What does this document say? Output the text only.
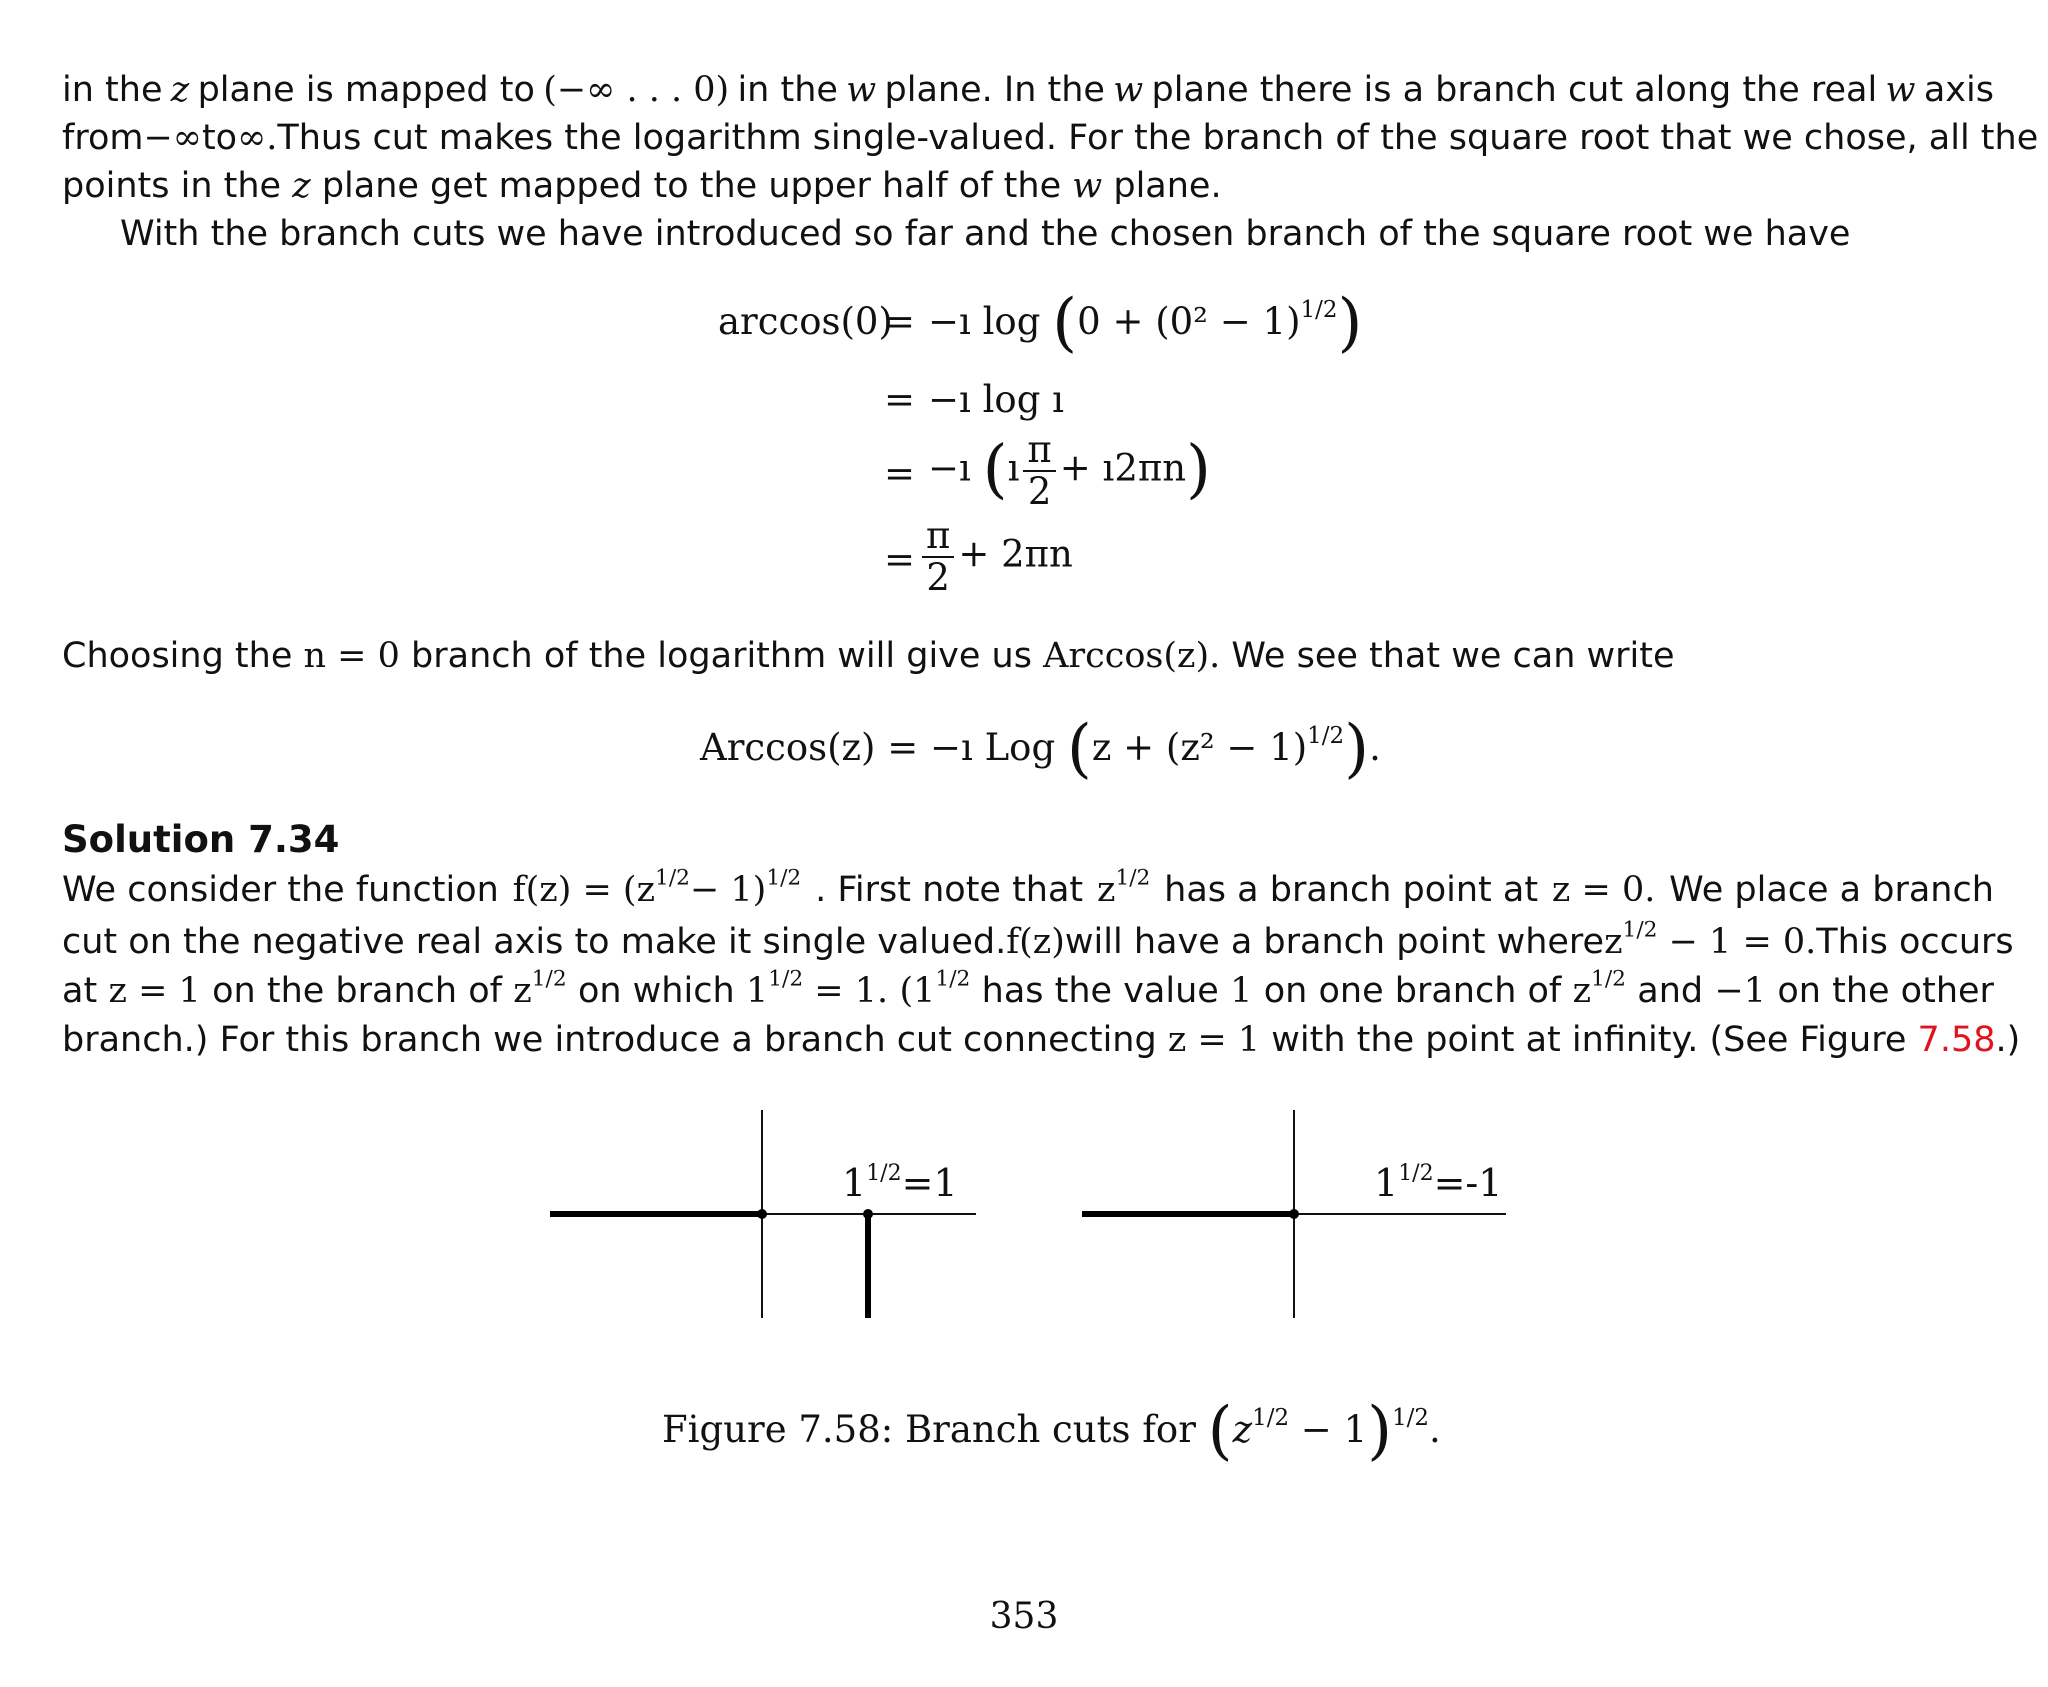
in the z plane is mapped to (−∞ . . . 0) in the w plane. In the w plane there is a branch cut along the real w axis
from −∞ to ∞. Thus cut makes the logarithm single-valued. For the branch of the square root that we chose, all the
points in the z plane get mapped to the upper half of the w plane.
With the branch cuts we have introduced so far and the chosen branch of the square root we have
arccos(0)
= −ı $\log (0 + (0^2 - 1)^{1/2})$
= −ı log ı
= −ı (ı $\frac{\pi}{2}$ + ı2πn)
= $\frac{\pi}{2} + 2\pi n$
Choosing the n = 0 branch of the logarithm will give us Arccos(z). We see that we can write
Arccos(z) = −ı Log $(z + (z^2 - 1)^{1/2})$.
Solution 7.34
We consider the function $f(z) = (z^{1/2}- 1)^{1/2}$ . First note that $z^{1/2}$ has a branch point at z = 0. We place a branch
cut on the negative real axis to make it single valued. f(z) will have a branch point where $z^{1/2} - 1 = 0$. This occurs
at z = 1 on the branch of $z^{1/2}$ on which $1^{1/2} = 1$. ($1^{1/2}$ has the value 1 on one branch of $z^{1/2}$ and −1 on the other
branch.) For this branch we introduce a branch cut connecting z = 1 with the point at infinity. (See Figure 7.58.)
$1^{1/2}=1$	$1^{1/2}=-1$
Figure 7.58: Branch cuts for $(z^{1/2} - 1)^{1/2}$.
353
